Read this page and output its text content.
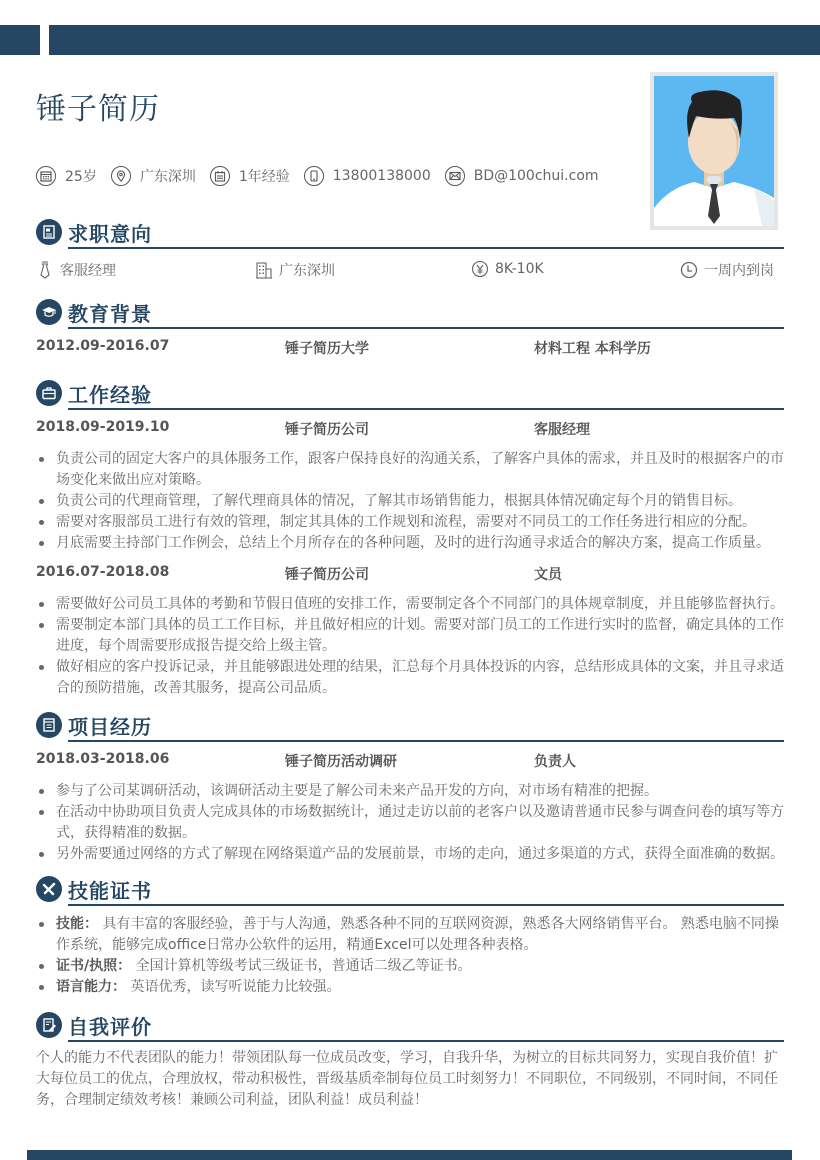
锤子简历
25岁	广东深圳	1年经验	13800138000	BD@100chui.com
求职意向
客服经理	广东深圳	8K-10K	一周内到岗
教育背景
2012.09-2016.07	锤子简历大学	材料工程 本科学历
工作经验
2018.09-2019.10	锤子简历公司	客服经理
负责公司的固定大客户的具体服务工作，跟客户保持良好的沟通关系，了解客户具体的需求，并且及时的根据客户的市场变化来做出应对策略。
负责公司的代理商管理，了解代理商具体的情况，了解其市场销售能力，根据具体情况确定每个月的销售目标。
需要对客服部员工进行有效的管理，制定其具体的工作规划和流程，需要对不同员工的工作任务进行相应的分配。
月底需要主持部门工作例会，总结上个月所存在的各种问题，及时的进行沟通寻求适合的解决方案，提高工作质量。
2016.07-2018.08	锤子简历公司	文员
需要做好公司员工具体的考勤和节假日值班的安排工作，需要制定各个不同部门的具体规章制度，并且能够监督执行。
需要制定本部门具体的员工工作目标，并且做好相应的计划。需要对部门员工的工作进行实时的监督，确定具体的工作进度，每个周需要形成报告提交给上级主管。
做好相应的客户投诉记录，并且能够跟进处理的结果，汇总每个月具体投诉的内容，总结形成具体的文案，并且寻求适合的预防措施，改善其服务，提高公司品质。
项目经历
2018.03-2018.06	锤子简历活动调研	负责人
参与了公司某调研活动，该调研活动主要是了解公司未来产品开发的方向，对市场有精准的把握。
在活动中协助项目负责人完成具体的市场数据统计，通过走访以前的老客户以及邀请普通市民参与调查问卷的填写等方式，获得精准的数据。
另外需要通过网络的方式了解现在网络渠道产品的发展前景，市场的走向，通过多渠道的方式，获得全面准确的数据。
技能证书
技能： 具有丰富的客服经验，善于与人沟通，熟悉各种不同的互联网资源，熟悉各大网络销售平台。 熟悉电脑不同操作系统，能够完成office日常办公软件的运用，精通Excel可以处理各种表格。
证书/执照： 全国计算机等级考试三级证书，普通话二级乙等证书。
语言能力： 英语优秀，读写听说能力比较强。
自我评价

个人的能力不代表团队的能力！带领团队每一位成员改变，学习，自我升华，为树立的目标共同努力，实现自我价值！扩大每位员工的优点，合理放权，带动积极性，晋级基质牵制每位员工时刻努力！不同职位，不同级别，不同时间，不同任务，合理制定绩效考核！兼顾公司利益，团队利益！成员利益！
